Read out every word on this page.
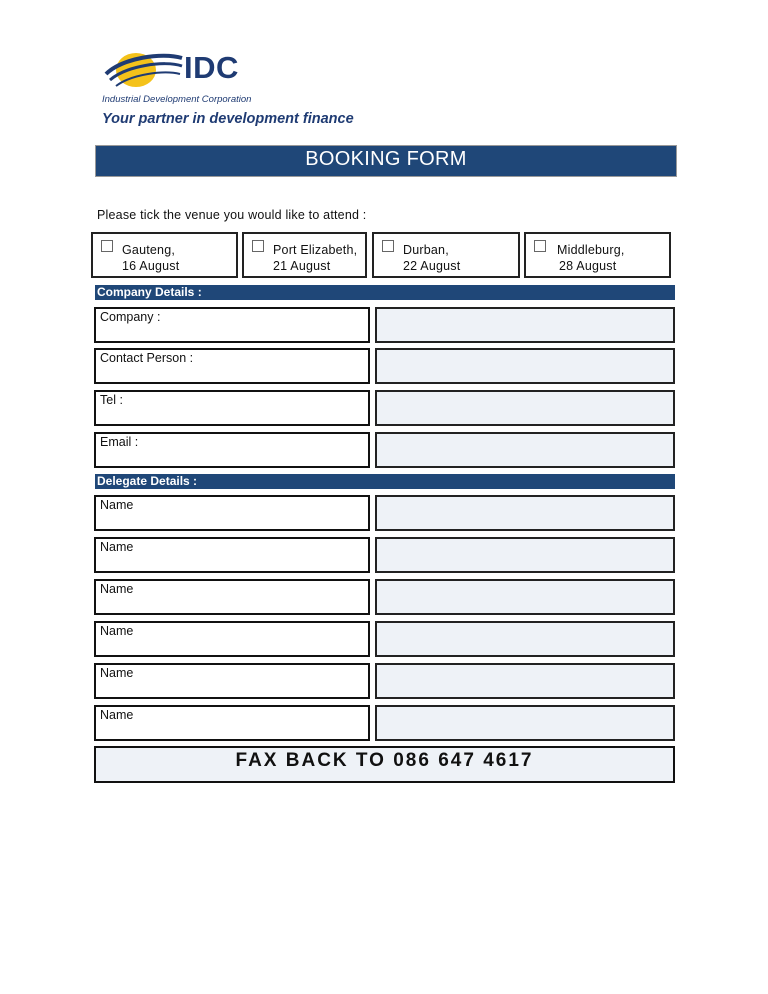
IDC
Industrial Development Corporation
Your partner in development finance
BOOKING FORM
Please tick the venue you would like to attend :
Gauteng,
16 August
Port Elizabeth,
21 August
Durban,
22 August
Middleburg,
28 August
Company Details :
Company :
Contact Person :
Tel :
Email :
Delegate Details :
Name
Name
Name
Name
Name
Name
FAX BACK TO 086 647 4617
